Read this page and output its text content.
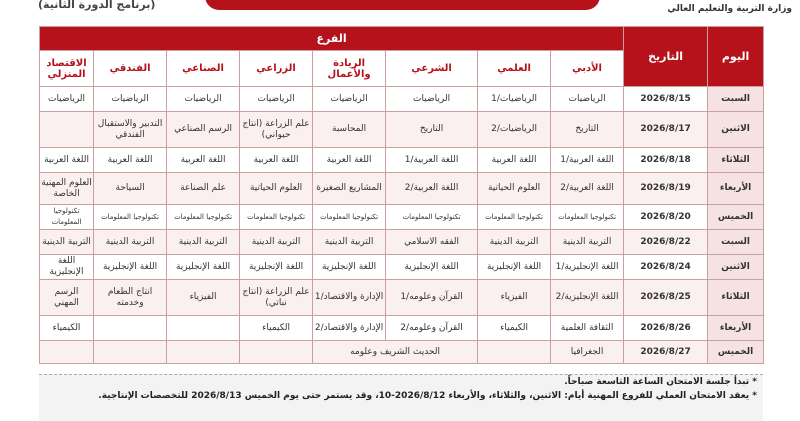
(برنامج الدورة الثانية)	وزارة التربية والتعليم العالي
اليوم	التاريخ	الفرع							
		الأدبي	العلمي	الشرعي	الريادة والأعمال	الزراعي	الصناعي	الفندقي	الاقتصاد المنزلي
السبت	2026/8/15	الرياضيات	الرياضيات/1	الرياضيات	الرياضيات	الرياضيات	الرياضيات	الرياضيات	الرياضيات
الاثنين	2026/8/17	التاريخ	الرياضيات/2	التاريخ	المحاسبة	علم الزراعة (انتاج حيواني)	الرسم الصناعي	التدبير والاستقبال الفندقي	
الثلاثاء	2026/8/18	اللغة العربية/1	اللغة العربية	اللغة العربية/1	اللغة العربية	اللغة العربية	اللغة العربية	اللغة العربية	اللغة العربية
الأربعاء	2026/8/19	اللغة العربية/2	العلوم الحياتية	اللغة العربية/2	المشاريع الصغيرة	العلوم الحياتية	علم الصناعة	السياحة	العلوم المهنية الخاصة
الخميس	2026/8/20	تكنولوجيا المعلومات	تكنولوجيا المعلومات	تكنولوجيا المعلومات	تكنولوجيا المعلومات	تكنولوجيا المعلومات	تكنولوجيا المعلومات	تكنولوجيا المعلومات	تكنولوجيا المعلومات
السبت	2026/8/22	التربية الدينية	التربية الدينية	الفقه الاسلامي	التربية الدينية	التربية الدينية	التربية الدينية	التربية الدينية	التربية الدينية
الاثنين	2026/8/24	اللغة الإنجليزية/1	اللغة الإنجليزية	اللغة الإنجليزية	اللغة الإنجليزية	اللغة الإنجليزية	اللغة الإنجليزية	اللغة الإنجليزية	اللغة الإنجليزية
الثلاثاء	2026/8/25	اللغة الإنجليزية/2	الفيزياء	القرآن وعلومه/1	الإدارة والاقتصاد/1	علم الزراعة (انتاج نباتي)	الفيزياء	انتاج الطعام وخدمته	الرسم المهني
الأربعاء	2026/8/26	الثقافة العلمية	الكيمياء	القرآن وعلومه/2	الإدارة والاقتصاد/2	الكيمياء			الكيمياء
الخميس	2026/8/27	الجغرافيا		الحديث الشريف وعلومه					
* تبدأ جلسة الامتحان الساعة التاسعة صباحاً.
* يعقد الامتحان العملي للفروع المهنية أيام: الاثنين، والثلاثاء، والأربعاء 2026/8/12-10، وقد يستمر حتى يوم الخميس 2026/8/13 للتخصصات الإنتاجية.
